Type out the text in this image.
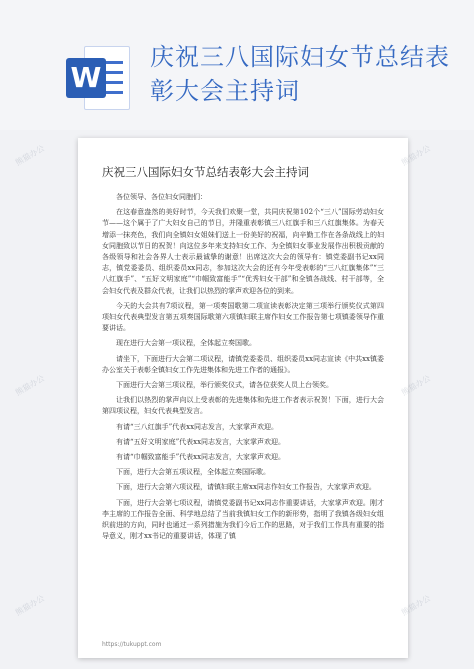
W
庆祝三八国际妇女节总结表彰大会主持词
庆祝三八国际妇女节总结表彰大会主持词
各位领导、各位妇女同胞们：
在这春意盎然的美好时节，今天我们欢聚一堂，共同庆祝第102个“三八”国际劳动妇女节——这个属于了广大妇女自己的节日，并隆重表彰镇三八红旗手和三八红旗集体。为春天增添一抹亮色，我们向全镇妇女姐妹们送上一份美好的祝福，向辛勤工作在各条战线上的妇女同胞致以节日的祝贺！向这位多年来支持妇女工作、为全镇妇女事业发展作出积极贡献的各级领导和社会各界人士表示最诚挚的谢意！出席这次大会的领导有：镇党委副书记xx同志，镇党委委员、组织委员xx同志，参加这次大会的还有今年受表彰的“三八红旗集体”“三八红旗手”、“五好文明家庭”“巾帼致富能手”“优秀妇女干部”和全镇各战线、村干部等，全会妇女代表及群众代表，让我们以热烈的掌声欢迎各位的到来。
今天的大会共有7项议程，第一项奏国歌第二项宣读表彰决定第三项举行颁奖仪式第四项妇女代表典型发言第五项奏国际歌第六项镇妇联主席作妇女工作报告第七项镇委领导作重要讲话。
现在进行大会第一项议程，全体起立奏国歌。
请坐下，下面进行大会第二项议程，请镇党委委员、组织委员xx同志宣读《中共xx镇委办公室关于表彰全镇妇女工作先进集体和先进工作者的通报》。
下面进行大会第三项议程，举行颁奖仪式，请各位获奖人员上台领奖。
让我们以热烈的掌声向以上受表彰的先进集体和先进工作者表示祝贺！下面，进行大会第四项议程，妇女代表典型发言。
有请“三八红旗手”代表xx同志发言，大家掌声欢迎。
有请“五好文明家庭”代表xx同志发言，大家掌声欢迎。
有请“巾帼致富能手”代表xx同志发言，大家掌声欢迎。
下面，进行大会第五项议程，全体起立奏国际歌。
下面，进行大会第六项议程，请镇妇联主席xx同志作妇女工作报告，大家掌声欢迎。
下面，进行大会第七项议程，请镇党委副书记xx同志作重要讲话，大家掌声欢迎。刚才李主席的工作报告全面、科学地总结了当前我镇妇女工作的新形势，指明了我镇各级妇女组织前进的方向，同时也通过一系列措施为我们今后工作的思路，对于我们工作具有重要的指导意义，刚才xx书记的重要讲话，体现了镇
https://tukuppt.com
熊猫办公	熊猫办公
熊猫办公	熊猫办公
熊猫办公	熊猫办公
